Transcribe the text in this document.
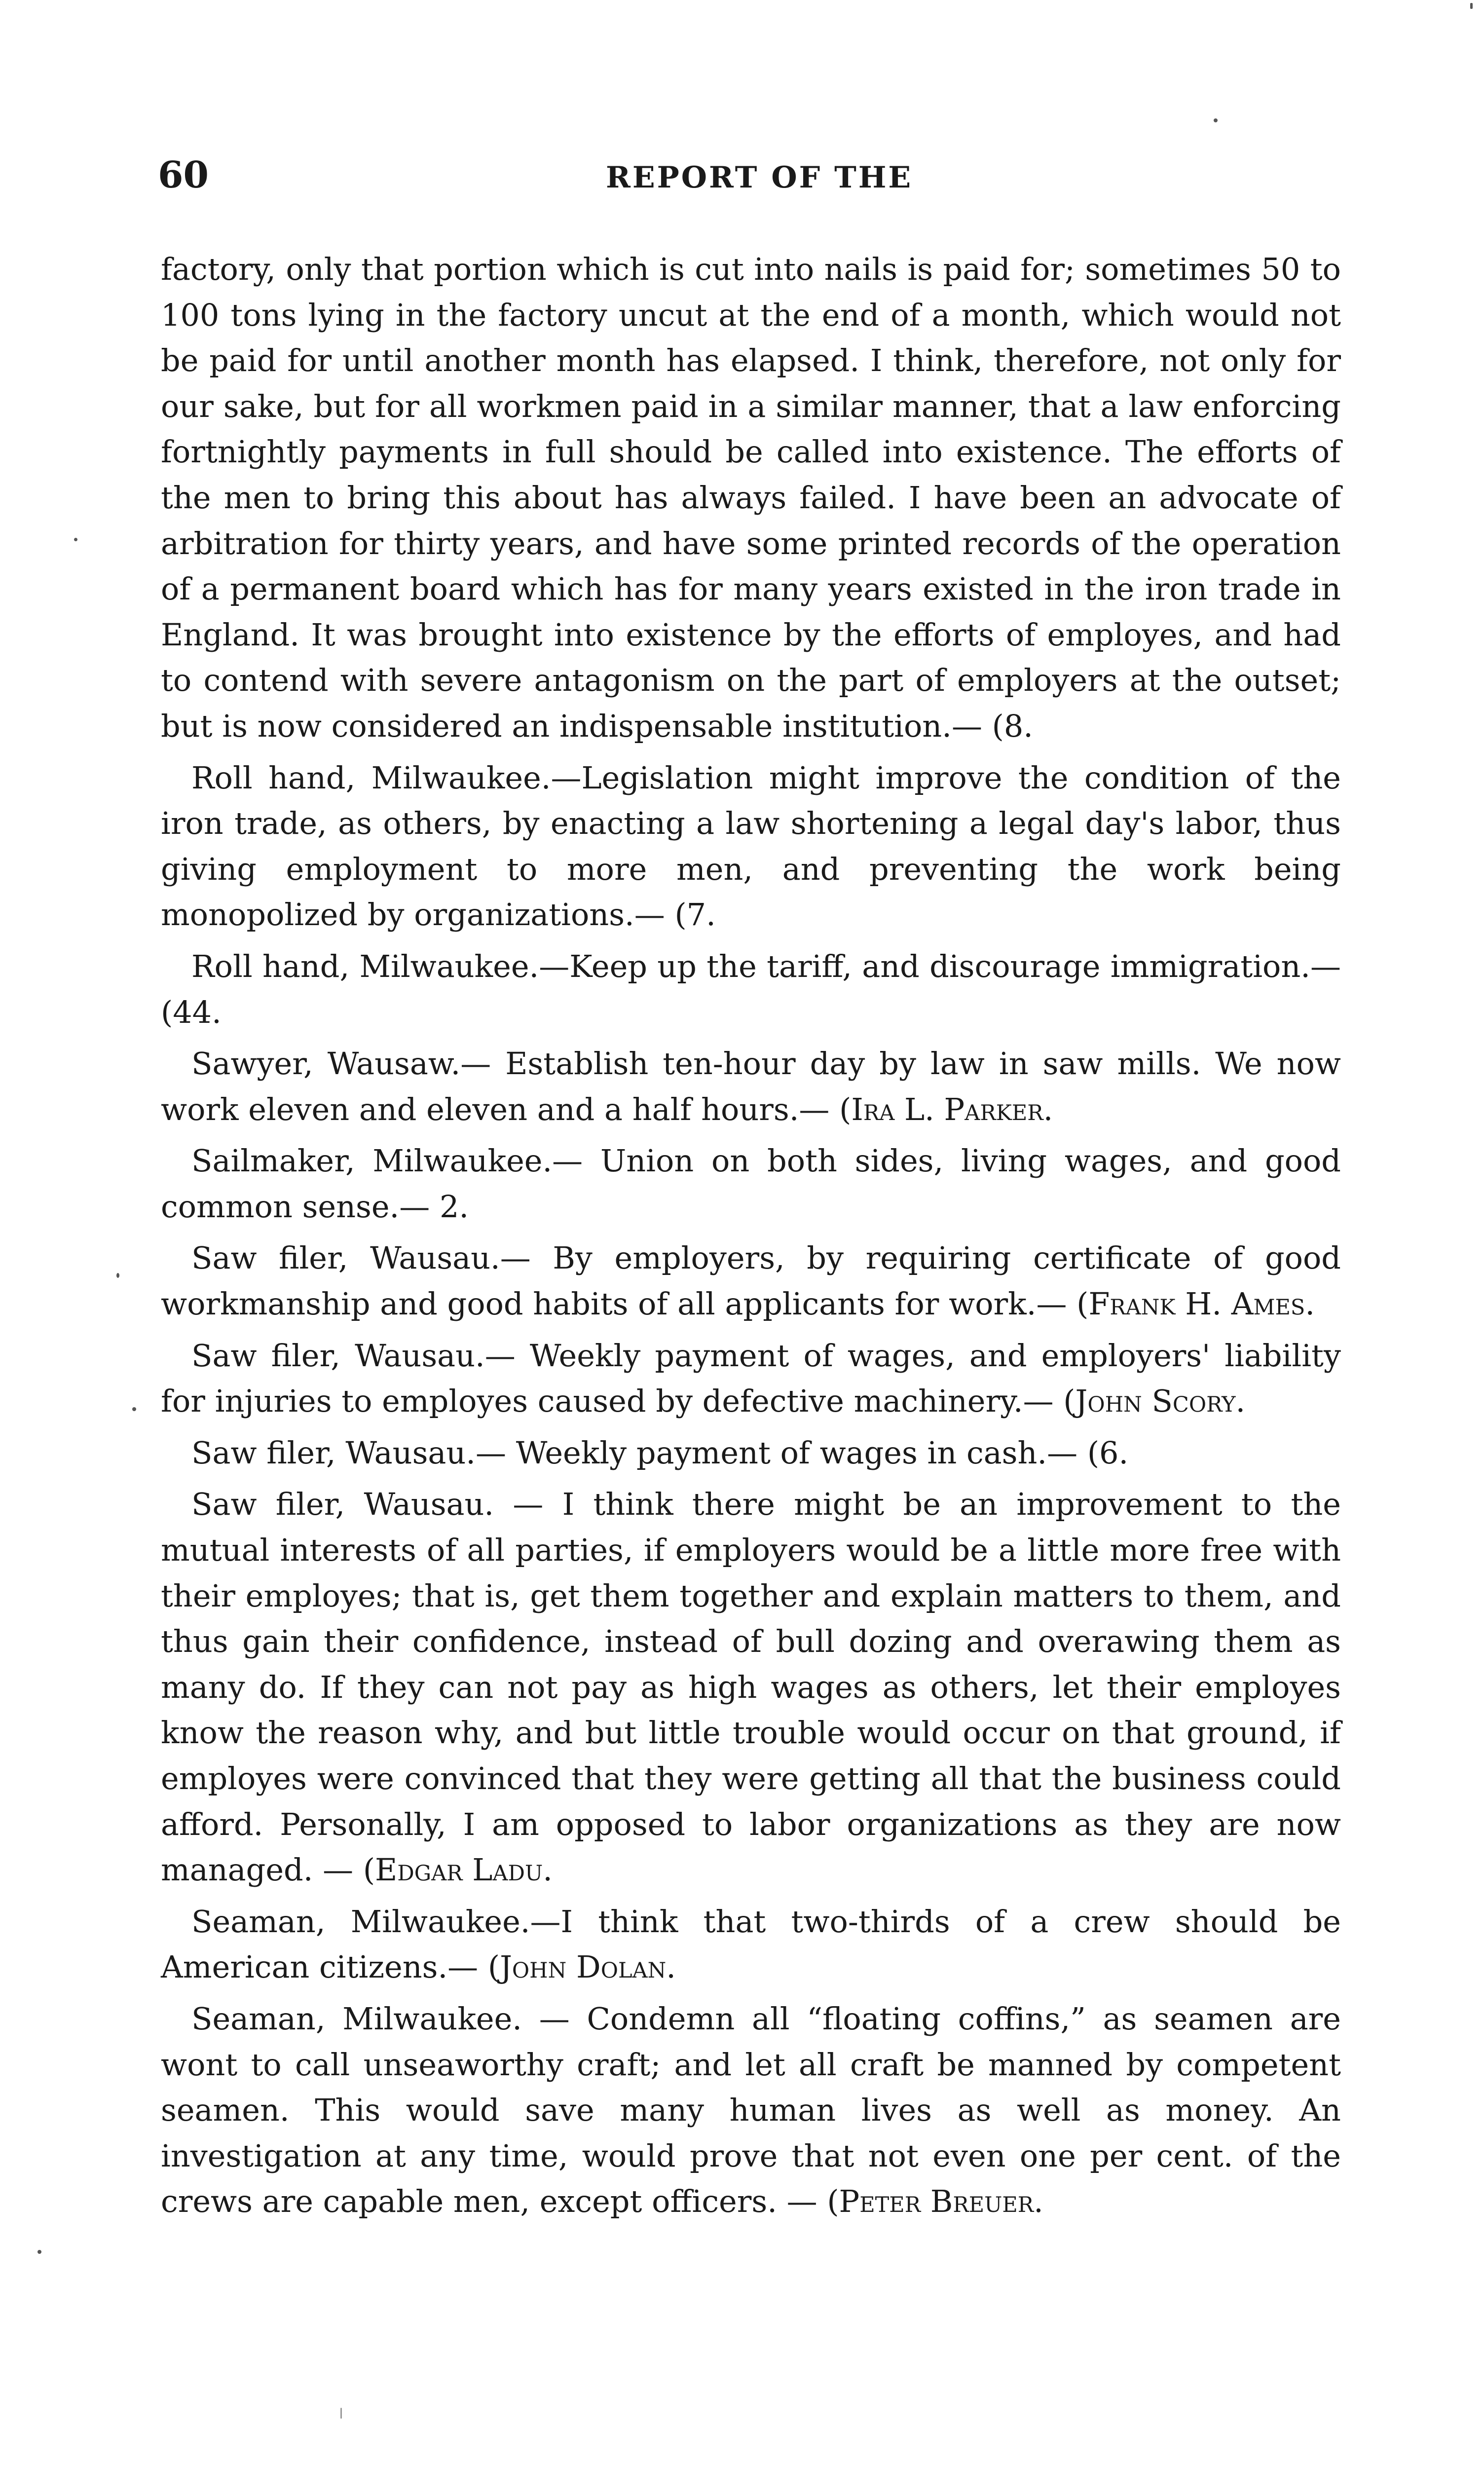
60	REPORT OF THE

factory, only that portion which is cut into nails is paid for; sometimes 50 to 100 tons lying in the factory uncut at the end of a month, which would not be paid for until another month has elapsed. I think, therefore, not only for our sake, but for all workmen paid in a similar manner, that a law enforcing fortnightly payments in full should be called into existence. The efforts of the men to bring this about has always failed. I have been an advocate of arbitration for thirty years, and have some printed records of the operation of a permanent board which has for many years existed in the iron trade in England. It was brought into existence by the efforts of employes, and had to contend with severe antagonism on the part of employers at the outset; but is now considered an indispensable institution.— (8.

Roll hand, Milwaukee.—Legislation might improve the condition of the iron trade, as others, by enacting a law shortening a legal day's labor, thus giving employment to more men, and preventing the work being monopolized by organizations.— (7.

Roll hand, Milwaukee.—Keep up the tariff, and discourage immigration.— (44.

Sawyer, Wausaw.— Establish ten-hour day by law in saw mills. We now work eleven and eleven and a half hours.— (Ira L. Parker.

Sailmaker, Milwaukee.— Union on both sides, living wages, and good common sense.— 2.

Saw filer, Wausau.— By employers, by requiring certificate of good workmanship and good habits of all applicants for work.— (Frank H. Ames.

Saw filer, Wausau.— Weekly payment of wages, and employers' liability for injuries to employes caused by defective machinery.— (John Scory.

Saw filer, Wausau.— Weekly payment of wages in cash.— (6.

Saw filer, Wausau. — I think there might be an improvement to the mutual interests of all parties, if employers would be a little more free with their employes; that is, get them together and explain matters to them, and thus gain their confidence, instead of bull dozing and overawing them as many do. If they can not pay as high wages as others, let their employes know the reason why, and but little trouble would occur on that ground, if employes were convinced that they were getting all that the business could afford. Personally, I am opposed to labor organizations as they are now managed. — (Edgar Ladu.

Seaman, Milwaukee.—I think that two-thirds of a crew should be American citizens.— (John Dolan.

Seaman, Milwaukee. — Condemn all “floating coffins,” as seamen are wont to call unseaworthy craft; and let all craft be manned by competent seamen. This would save many human lives as well as money. An investigation at any time, would prove that not even one per cent. of the crews are capable men, except officers. — (Peter Breuer.
